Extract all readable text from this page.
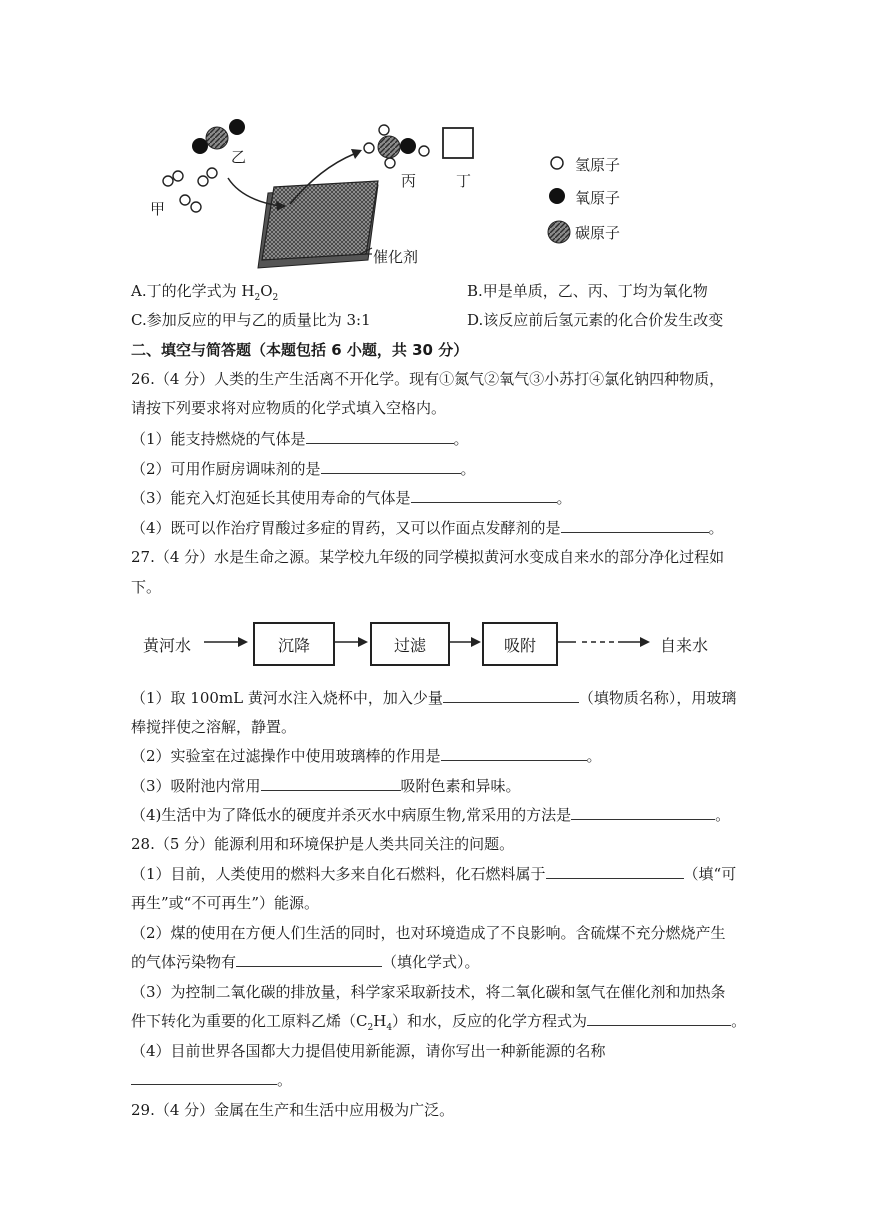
乙
甲
丙	丁
催化剂
氢原子
氧原子
碳原子
A.丁的化学式为 $H_2O_2$	B.甲是单质，乙、丙、丁均为氧化物
C.参加反应的甲与乙的质量比为 3:1	D.该反应前后氢元素的化合价发生改变
二、填空与简答题（本题包括 6 小题，共 30 分）
26.（4 分）人类的生产生活离不开化学。现有①氮气②氧气③小苏打④氯化钠四种物质，
请按下列要求将对应物质的化学式填入空格内。
（1）能支持燃烧的气体是	。
（2）可用作厨房调味剂的是	。
（3）能充入灯泡延长其使用寿命的气体是	。
（4）既可以作治疗胃酸过多症的胃药，又可以作面点发酵剂的是	。
27.（4 分）水是生命之源。某学校九年级的同学模拟黄河水变成自来水的部分净化过程如
下。
黄河水	沉降	过滤	吸附	自来水
（1）取 100mL 黄河水注入烧杯中，加入少量	（填物质名称），用玻璃
棒搅拌使之溶解，静置。
（2）实验室在过滤操作中使用玻璃棒的作用是	。
（3）吸附池内常用	吸附色素和异味。
（4)生活中为了降低水的硬度并杀灭水中病原生物,常采用的方法是	。
28.（5 分）能源利用和环境保护是人类共同关注的问题。
（1）目前，人类使用的燃料大多来自化石燃料，化石燃料属于	（填“可
再生”或“不可再生”）能源。
（2）煤的使用在方便人们生活的同时，也对环境造成了不良影响。含硫煤不充分燃烧产生
的气体污染物有	（填化学式）。
（3）为控制二氧化碳的排放量，科学家采取新技术，将二氧化碳和氢气在催化剂和加热条
件下转化为重要的化工原料乙烯$(C_2H_4)$和水，反应的化学方程式为	。
（4）目前世界各国都大力提倡使用新能源，请你写出一种新能源的名称
。
29.（4 分）金属在生产和生活中应用极为广泛。
